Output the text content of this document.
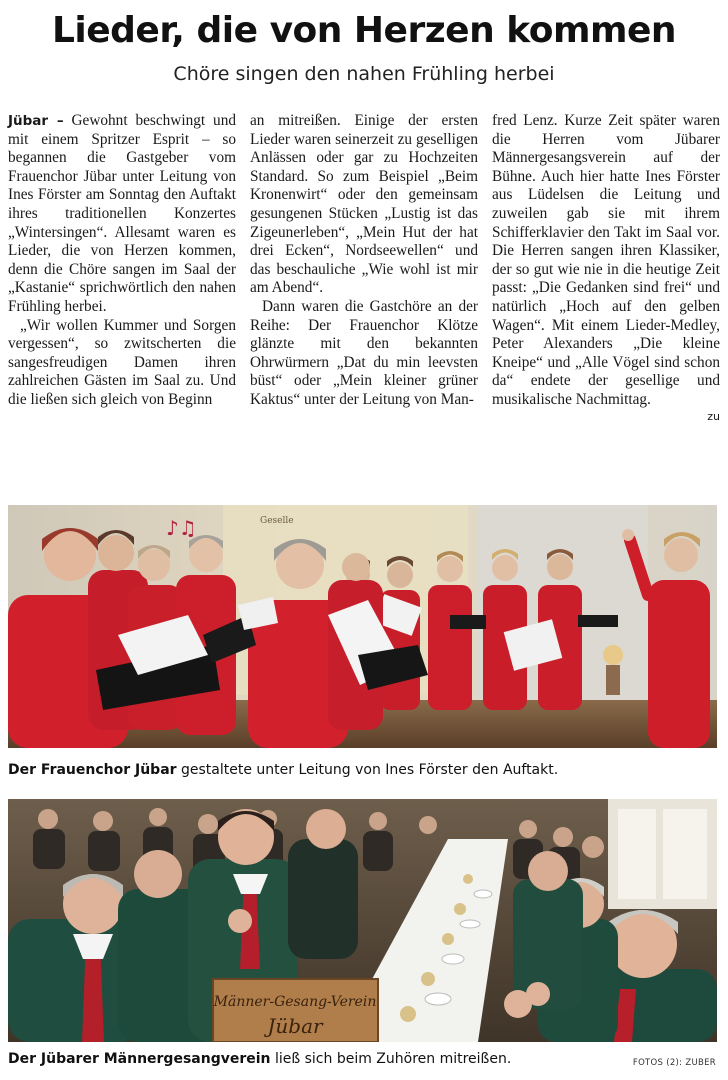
Lieder, die von Herzen kommen
Chöre singen den nahen Frühling herbei

Jübar – Gewohnt beschwingt und mit einem Spritzer Esprit – so begannen die Gastgeber vom Frauenchor Jübar unter Leitung von Ines Förster am Sonntag den Auftakt ihres traditionellen Konzertes „Wintersingen“. Allesamt waren es Lieder, die von Herzen kommen, denn die Chöre sangen im Saal der „Kastanie“ sprichwörtlich den nahen Frühling herbei.

„Wir wollen Kummer und Sorgen vergessen“, so zwitscherten die sangesfreudigen Damen ihren zahlreichen Gästen im Saal zu. Und die ließen sich gleich von Beginn

an mitreißen. Einige der ersten Lieder waren seinerzeit zu geselligen Anlässen oder gar zu Hochzeiten Standard. So zum Beispiel „Beim Kronenwirt“ oder den gemeinsam gesungenen Stücken „Lustig ist das Zigeunerleben“, „Mein Hut der hat drei Ecken“, Nordseewellen“ und das beschauliche „Wie wohl ist mir am Abend“.

Dann waren die Gastchöre an der Reihe: Der Frauenchor Klötze glänzte mit den bekannten Ohrwürmern „Dat du min leevsten büst“ oder „Mein kleiner grüner Kaktus“ unter der Leitung von Man-

fred Lenz. Kurze Zeit später waren die Herren vom Jübarer Männergesangsverein auf der Bühne. Auch hier hatte Ines Förster aus Lüdelsen die Leitung und zuweilen gab sie mit ihrem Schifferklavier den Takt im Saal vor. Die Herren sangen ihren Klassiker, der so gut wie nie in die heutige Zeit passt: „Die Gedanken sind frei“ und natürlich „Hoch auf den gelben Wagen“. Mit einem Lieder-Medley, Peter Alexanders „Die kleine Kneipe“ und „Alle Vögel sind schon da“ endete der gesellige und musikalische Nachmittag.

zu
♪♫	Geselle
Der Frauenchor Jübar gestaltete unter Leitung von Ines Förster den Auftakt.
Männer-Gesang-Verein
Jübar
Der Jübarer Männergesangverein ließ sich beim Zuhören mitreißen.	FOTOS (2): ZUBER
